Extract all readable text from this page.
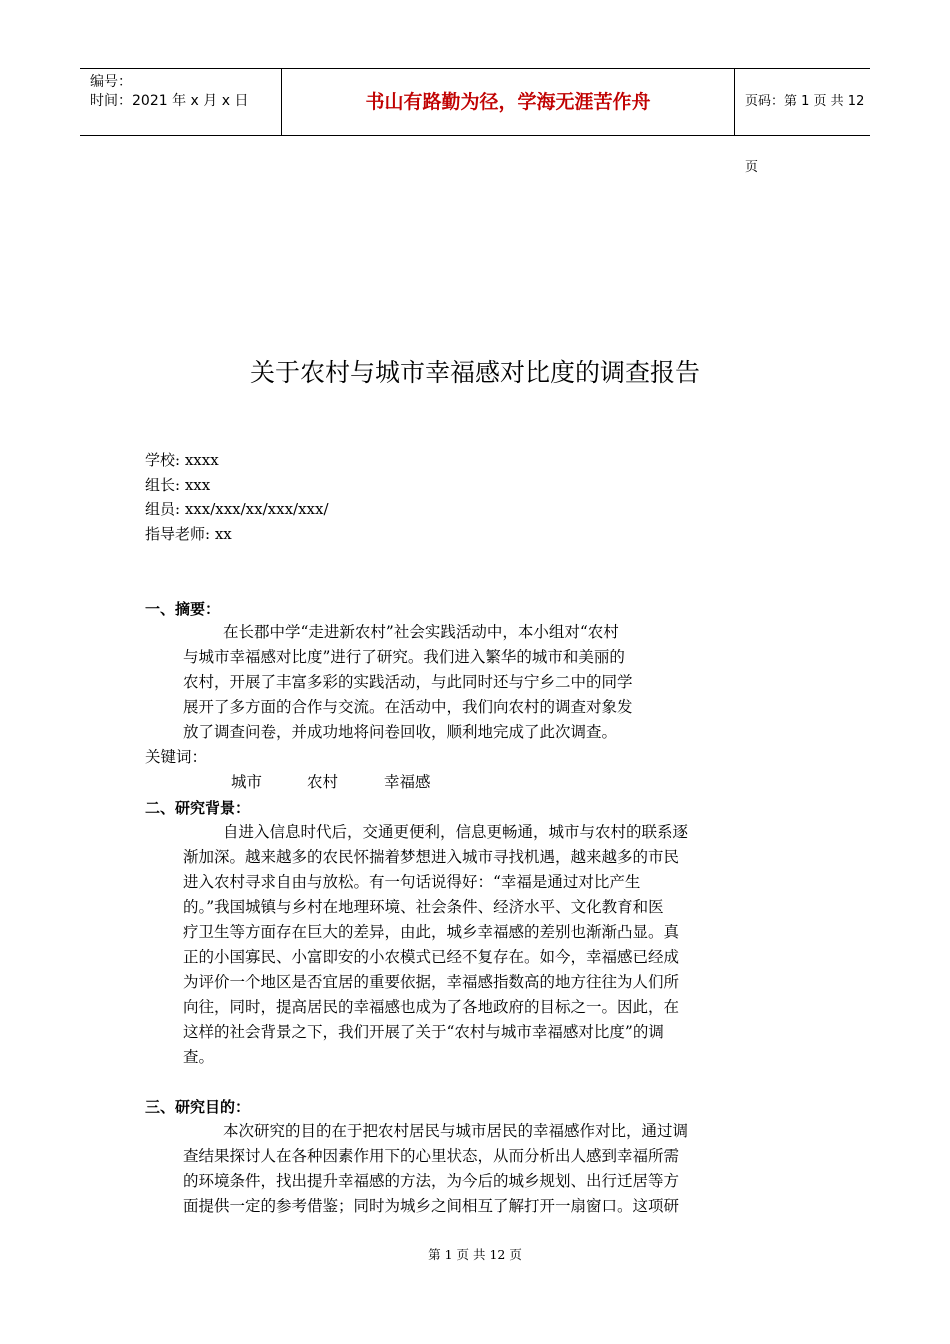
编号：
时间：2021 年 x 月 x 日	书山有路勤为径，学海无涯苦作舟	页码：第 1 页 共 12 页
关于农村与城市幸福感对比度的调查报告
学校: xxxx
组长: xxx
组员: xxx/xxx/xx/xxx/xxx/
指导老师: xx
一、摘要：
在长郡中学“走进新农村”社会实践活动中，本小组对“农村
与城市幸福感对比度”进行了研究。我们进入繁华的城市和美丽的
农村，开展了丰富多彩的实践活动，与此同时还与宁乡二中的同学
展开了多方面的合作与交流。在活动中，我们向农村的调查对象发
放了调查问卷，并成功地将问卷回收，顺利地完成了此次调查。
关键词：
城市	农村	幸福感
二、研究背景：
自进入信息时代后，交通更便利，信息更畅通，城市与农村的联系逐
渐加深。越来越多的农民怀揣着梦想进入城市寻找机遇，越来越多的市民
进入农村寻求自由与放松。有一句话说得好：“幸福是通过对比产生
的。”我国城镇与乡村在地理环境、社会条件、经济水平、文化教育和医
疗卫生等方面存在巨大的差异，由此，城乡幸福感的差别也渐渐凸显。真
正的小国寡民、小富即安的小农模式已经不复存在。如今，幸福感已经成
为评价一个地区是否宜居的重要依据，幸福感指数高的地方往往为人们所
向往，同时，提高居民的幸福感也成为了各地政府的目标之一。因此，在
这样的社会背景之下，我们开展了关于“农村与城市幸福感对比度”的调
查。
三、研究目的：
本次研究的目的在于把农村居民与城市居民的幸福感作对比，通过调
查结果探讨人在各种因素作用下的心里状态，从而分析出人感到幸福所需
的环境条件，找出提升幸福感的方法，为今后的城乡规划、出行迁居等方
面提供一定的参考借鉴；同时为城乡之间相互了解打开一扇窗口。这项研
第 1 页 共 12 页
